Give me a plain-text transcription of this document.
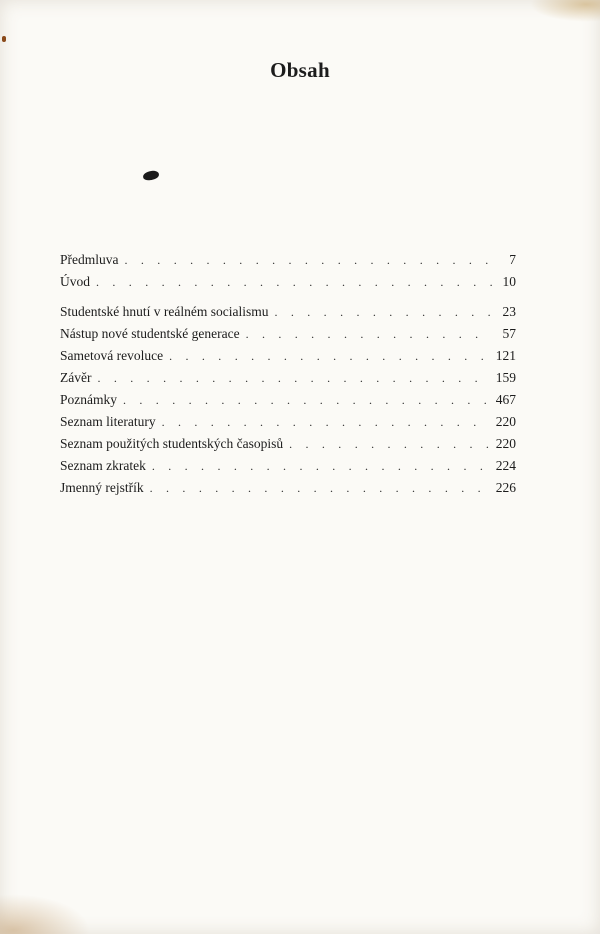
Obsah
Předmluva . . .	7
Úvod . . .	10
Studentské hnutí v reálném socialismu . . .	23
Nástup nové studentské generace . . .	57
Sametová revoluce . . .	121
Závěr . . .	159
Poznámky . . .	467
Seznam literatury . . .	220
Seznam použitých studentských časopisů . . .	220
Seznam zkratek . . .	224
Jmenný rejstřík . . .	226
